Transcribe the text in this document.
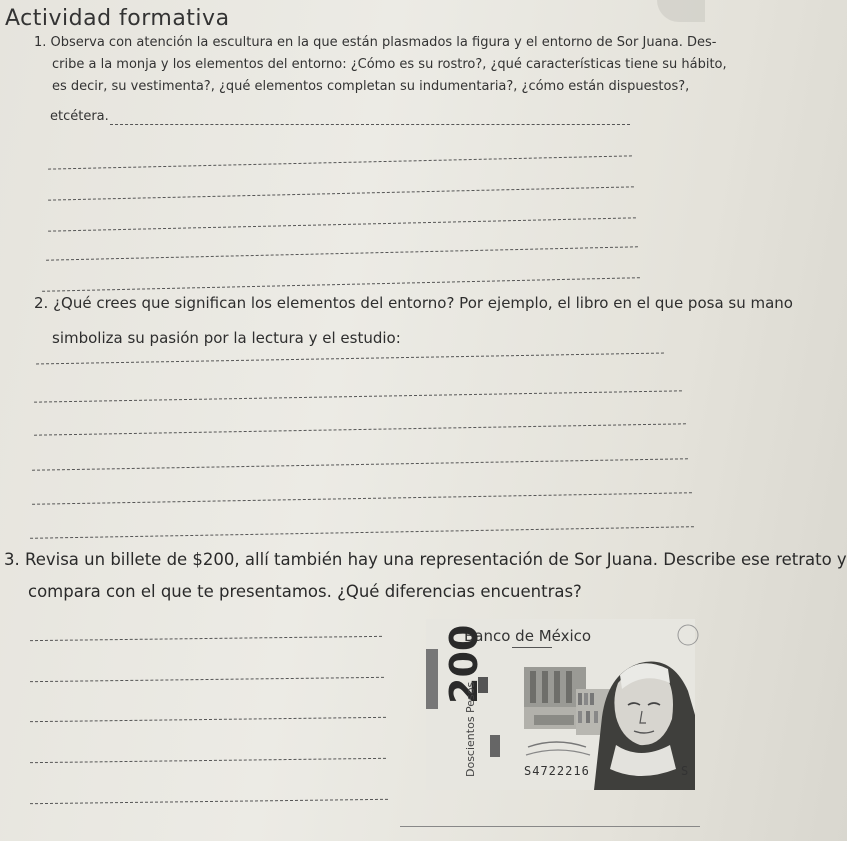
Actividad formativa
1. Observa con atención la escultura en la que están plasmados la figura y el entorno de Sor Juana. Des-
cribe a la monja y los elementos del entorno: ¿Cómo es su rostro?, ¿qué características tiene su hábito,
es decir, su vestimenta?, ¿qué elementos completan su indumentaria?, ¿cómo están dispuestos?,
etcétera.
2. ¿Qué crees que significan los elementos del entorno? Por ejemplo, el libro en el que posa su mano
simboliza su pasión por la lectura y el estudio:
3. Revisa un billete de $200, allí también hay una representación de Sor Juana. Describe ese retrato y
compara con el que te presentamos. ¿Qué diferencias encuentras?
Banco de México
200
Doscientos Pesos	S4722216	S
